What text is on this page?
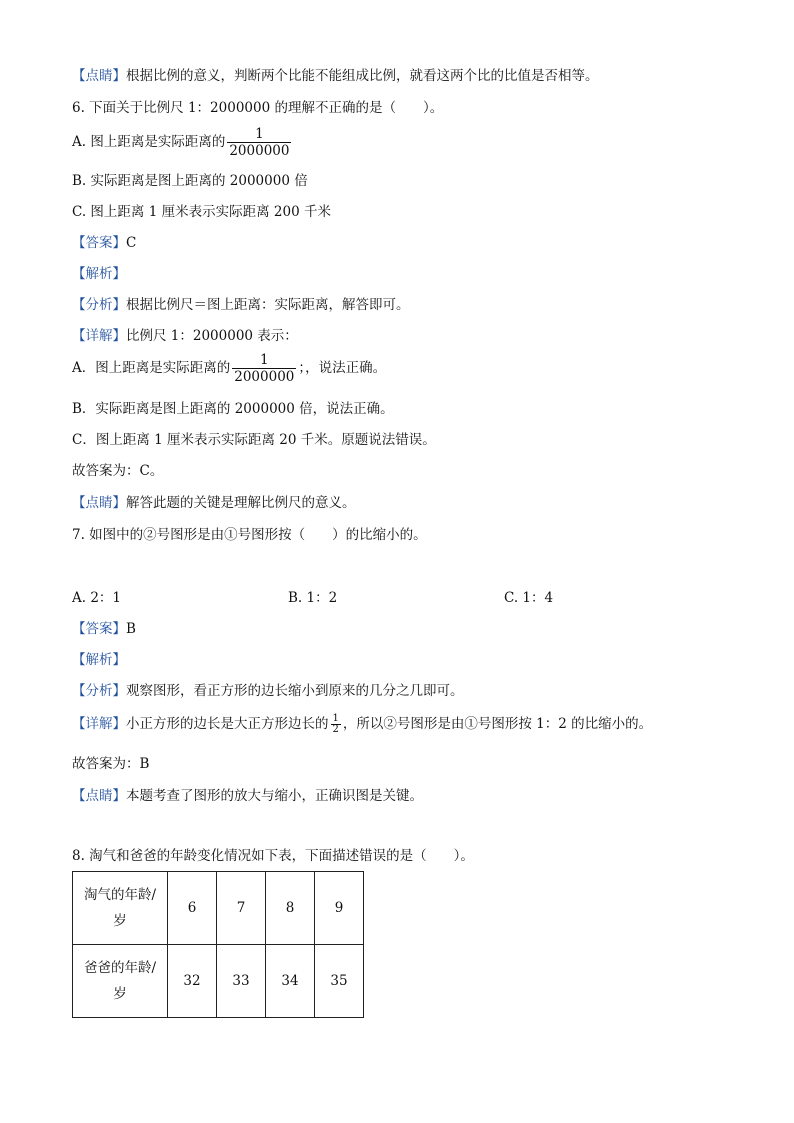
【点睛】根据比例的意义，判断两个比能不能组成比例，就看这两个比的比值是否相等。
6. 下面关于比例尺 1：2000000 的理解不正确的是（　　）。
A. 图上距离是实际距离的 $\frac{1}{2000000}$
B. 实际距离是图上距离的 2000000 倍
C. 图上距离 1 厘米表示实际距离 200 千米
【答案】C
【解析】
【分析】根据比例尺＝图上距离：实际距离，解答即可。
【详解】比例尺 1：2000000 表示：
A．图上距离是实际距离的 $\frac{1}{2000000}$ ；，说法正确。
B．实际距离是图上距离的 2000000 倍，说法正确。
C．图上距离 1 厘米表示实际距离 20 千米。原题说法错误。
故答案为：C。
【点睛】解答此题的关键是理解比例尺的意义。
7. 如图中的②号图形是由①号图形按（　　）的比缩小的。
A. 2：1	B. 1：2	C. 1：4
【答案】B
【解析】
【分析】观察图形，看正方形的边长缩小到原来的几分之几即可。
【详解】小正方形的边长是大正方形边长的 $\frac{1}{2}$ ，所以②号图形是由①号图形按 1：2 的比缩小的。
故答案为：B
【点睛】本题考查了图形的放大与缩小，正确识图是关键。
8. 淘气和爸爸的年龄变化情况如下表，下面描述错误的是（　　）。
淘气的年龄/
岁	6	7	8	9
爸爸的年龄/
岁	32	33	34	35
